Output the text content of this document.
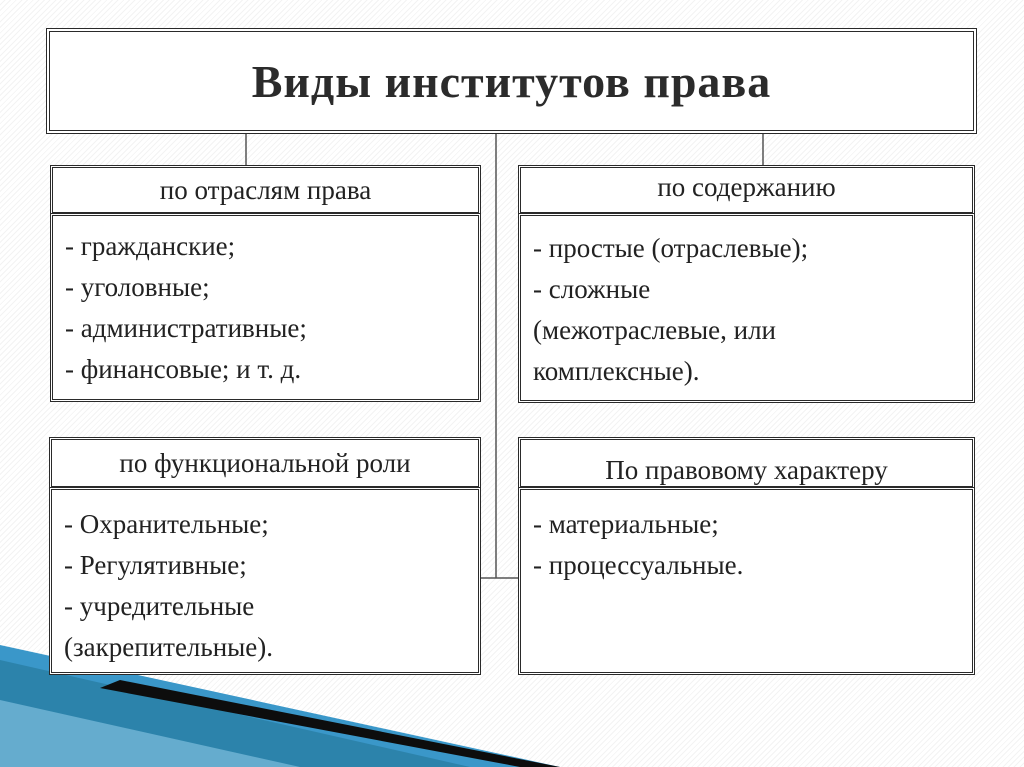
Виды институтов права
по отраслям права
- гражданские;
- уголовные;
- административные;
- финансовые; и т. д.
по содержанию
- простые (отраслевые);
- сложные
(межотраслевые, или
комплексные).
по функциональной роли
- Охранительные;
- Регулятивные;
- учредительные
(закрепительные).
По правовому характеру
- материальные;
- процессуальные.
